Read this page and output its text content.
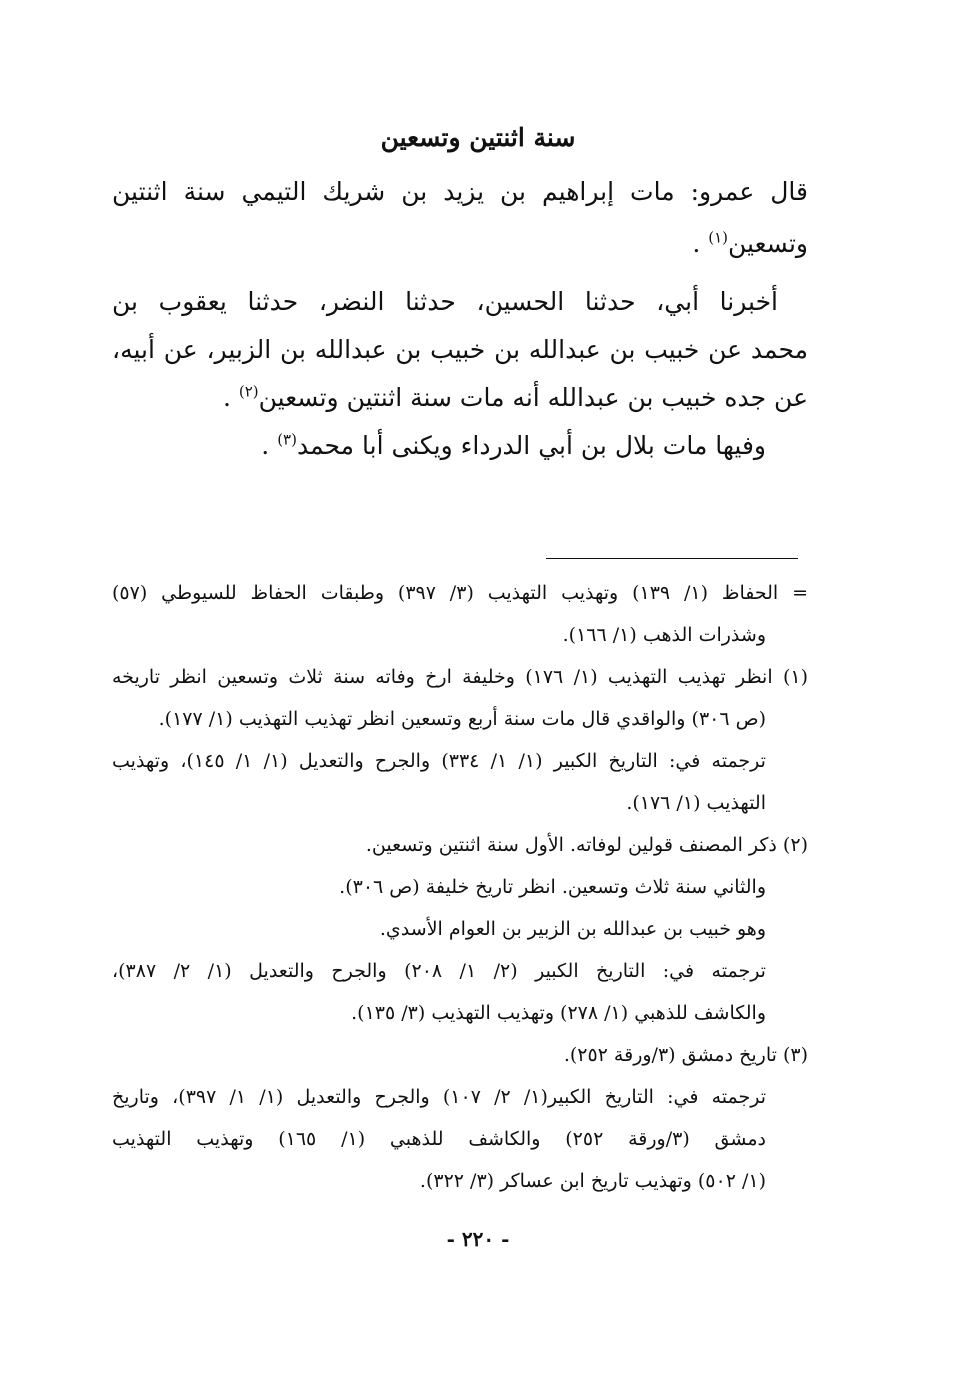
سنة اثنتين وتسعين
قال عمرو: مات إبراهيم بن يزيد بن شريك التيمي سنة اثنتين
وتسعين$^{(١)}$ .
أخبرنا أبي، حدثنا الحسين، حدثنا النضر، حدثنا يعقوب بن
محمد عن خبيب بن عبدالله بن خبيب بن عبدالله بن الزبير، عن أبيه،
عن جده خبيب بن عبدالله أنه مات سنة اثنتين وتسعين$^{(٢)}$ .
وفيها مات بلال بن أبي الدرداء ويكنى أبا محمد$^{(٣)}$ .
= الحفاظ (١/ ١٣٩) وتهذيب التهذيب (٣/ ٣٩٧) وطبقات الحفاظ للسيوطي (٥٧)
وشذرات الذهب (١/ ١٦٦).
(١) انظر تهذيب التهذيب (١/ ١٧٦) وخليفة ارخ وفاته سنة ثلاث وتسعين انظر تاريخه
(ص ٣٠٦) والواقدي قال مات سنة أربع وتسعين انظر تهذيب التهذيب (١/ ١٧٧).
ترجمته في: التاريخ الكبير (١/ ١/ ٣٣٤) والجرح والتعديل (١/ ١/ ١٤٥)، وتهذيب
التهذيب (١/ ١٧٦).
(٢) ذكر المصنف قولين لوفاته. الأول سنة اثنتين وتسعين.
والثاني سنة ثلاث وتسعين. انظر تاريخ خليفة (ص ٣٠٦).
وهو خبيب بن عبدالله بن الزبير بن العوام الأسدي.
ترجمته في: التاريخ الكبير (٢/ ١/ ٢٠٨) والجرح والتعديل (١/ ٢/ ٣٨٧)،
والكاشف للذهبي (١/ ٢٧٨) وتهذيب التهذيب (٣/ ١٣٥).
(٣) تاريخ دمشق (٣/ورقة ٢٥٢).
ترجمته في: التاريخ الكبير(١/ ٢/ ١٠٧) والجرح والتعديل (١/ ١/ ٣٩٧)، وتاريخ
دمشق (٣/ورقة ٢٥٢) والكاشف للذهبي (١/ ١٦٥) وتهذيب التهذيب
(١/ ٥٠٢) وتهذيب تاريخ ابن عساكر (٣/ ٣٢٢).
- ٢٢٠ -
